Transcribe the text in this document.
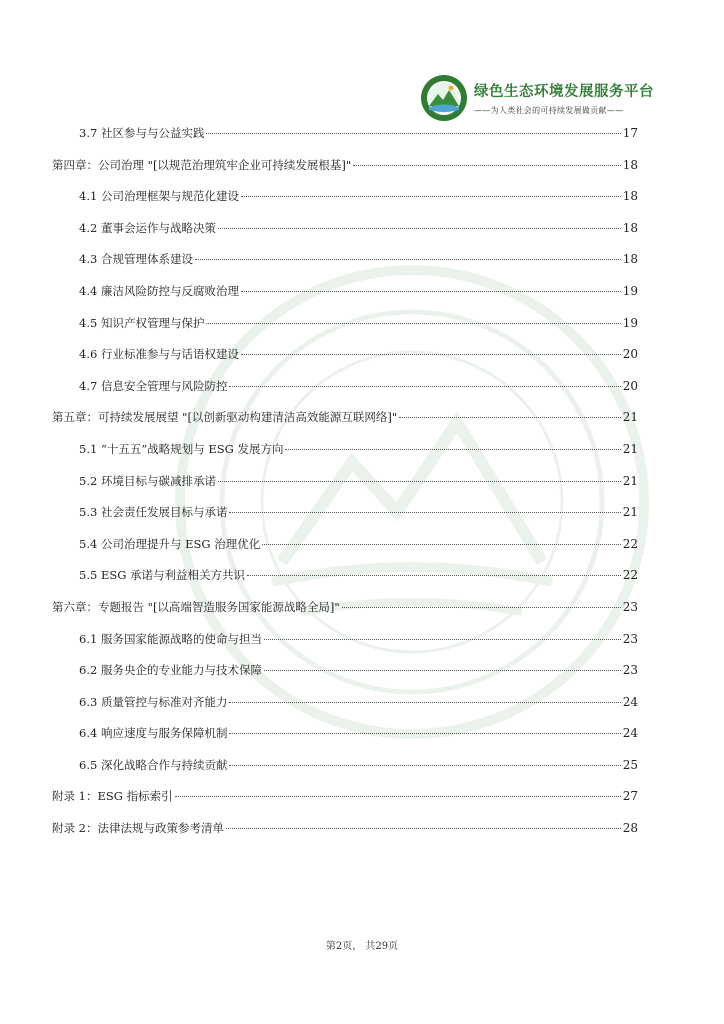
绿色生态环境发展服务平台
——为人类社会的可持续发展做贡献——
3.7 社区参与与公益实践	17
第四章：公司治理 "[以规范治理筑牢企业可持续发展根基]"	18
4.1 公司治理框架与规范化建设	18
4.2 董事会运作与战略决策	18
4.3 合规管理体系建设	18
4.4 廉洁风险防控与反腐败治理	19
4.5 知识产权管理与保护	19
4.6 行业标准参与与话语权建设	20
4.7 信息安全管理与风险防控	20
第五章：可持续发展展望 "[以创新驱动构建清洁高效能源互联网络]"	21
5.1 “十五五”战略规划与 ESG 发展方向	21
5.2 环境目标与碳减排承诺	21
5.3 社会责任发展目标与承诺	21
5.4 公司治理提升与 ESG 治理优化	22
5.5 ESG 承诺与利益相关方共识	22
第六章：专题报告 "[以高端智造服务国家能源战略全局]"	23
6.1 服务国家能源战略的使命与担当	23
6.2 服务央企的专业能力与技术保障	23
6.3 质量管控与标准对齐能力	24
6.4 响应速度与服务保障机制	24
6.5 深化战略合作与持续贡献	25
附录 1：ESG 指标索引	27
附录 2：法律法规与政策参考清单	28
第2页， 共29页
